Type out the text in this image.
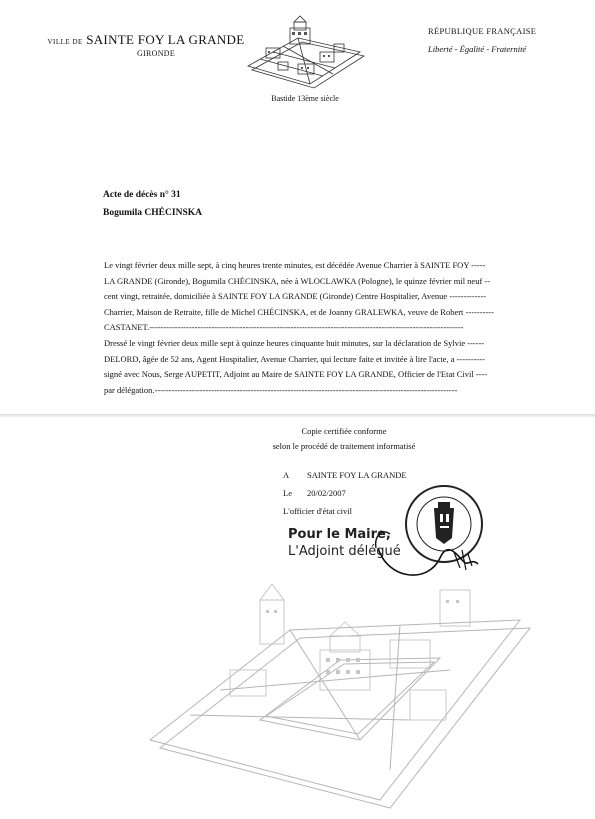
VILLE DE SAINTE FOY LA GRANDE
GIRONDE
Bastide 13ème siècle
RÉPUBLIQUE FRANÇAISE
Liberté - Égalité - Fraternité
Acte de décès n° 31
Bogumila CHÉCINSKA
Le vingt février deux mille sept, à cinq heures trente minutes, est décédée Avenue Charrier à SAINTE FOY -----
LA GRANDE (Gironde), Bogumila CHÉCINSKA, née à WLOCLAWKA (Pologne), le quinze février mil neuf --
cent vingt, retraitée, domiciliée à SAINTE FOY LA GRANDE (Gironde) Centre Hospitalier, Avenue -------------
Charrier, Maison de Retraite, fille de Michel CHÉCINSKA, et de Joanny GRALEWKA, veuve de Robert ----------
CASTANET.---------------------------------------------------------------------------------------------------------------
Dressé le vingt février deux mille sept à quinze heures cinquante huit minutes, sur la déclaration de Sylvie ------
DELORD, âgée de 52 ans, Agent Hospitalier, Avenue Charrier, qui lecture faite et invitée à lire l'acte, a ----------
signé avec Nous, Serge AUPETIT, Adjoint au Maire de SAINTE FOY LA GRANDE, Officier de l'Etat Civil ----
par délégation.-----------------------------------------------------------------------------------------------------------
Copie certifiée conforme
selon le procédé de traitement informatisé
A SAINTE FOY LA GRANDE
Le 20/02/2007
L'officier d'état civil
Pour le Maire,
L'Adjoint délégué
